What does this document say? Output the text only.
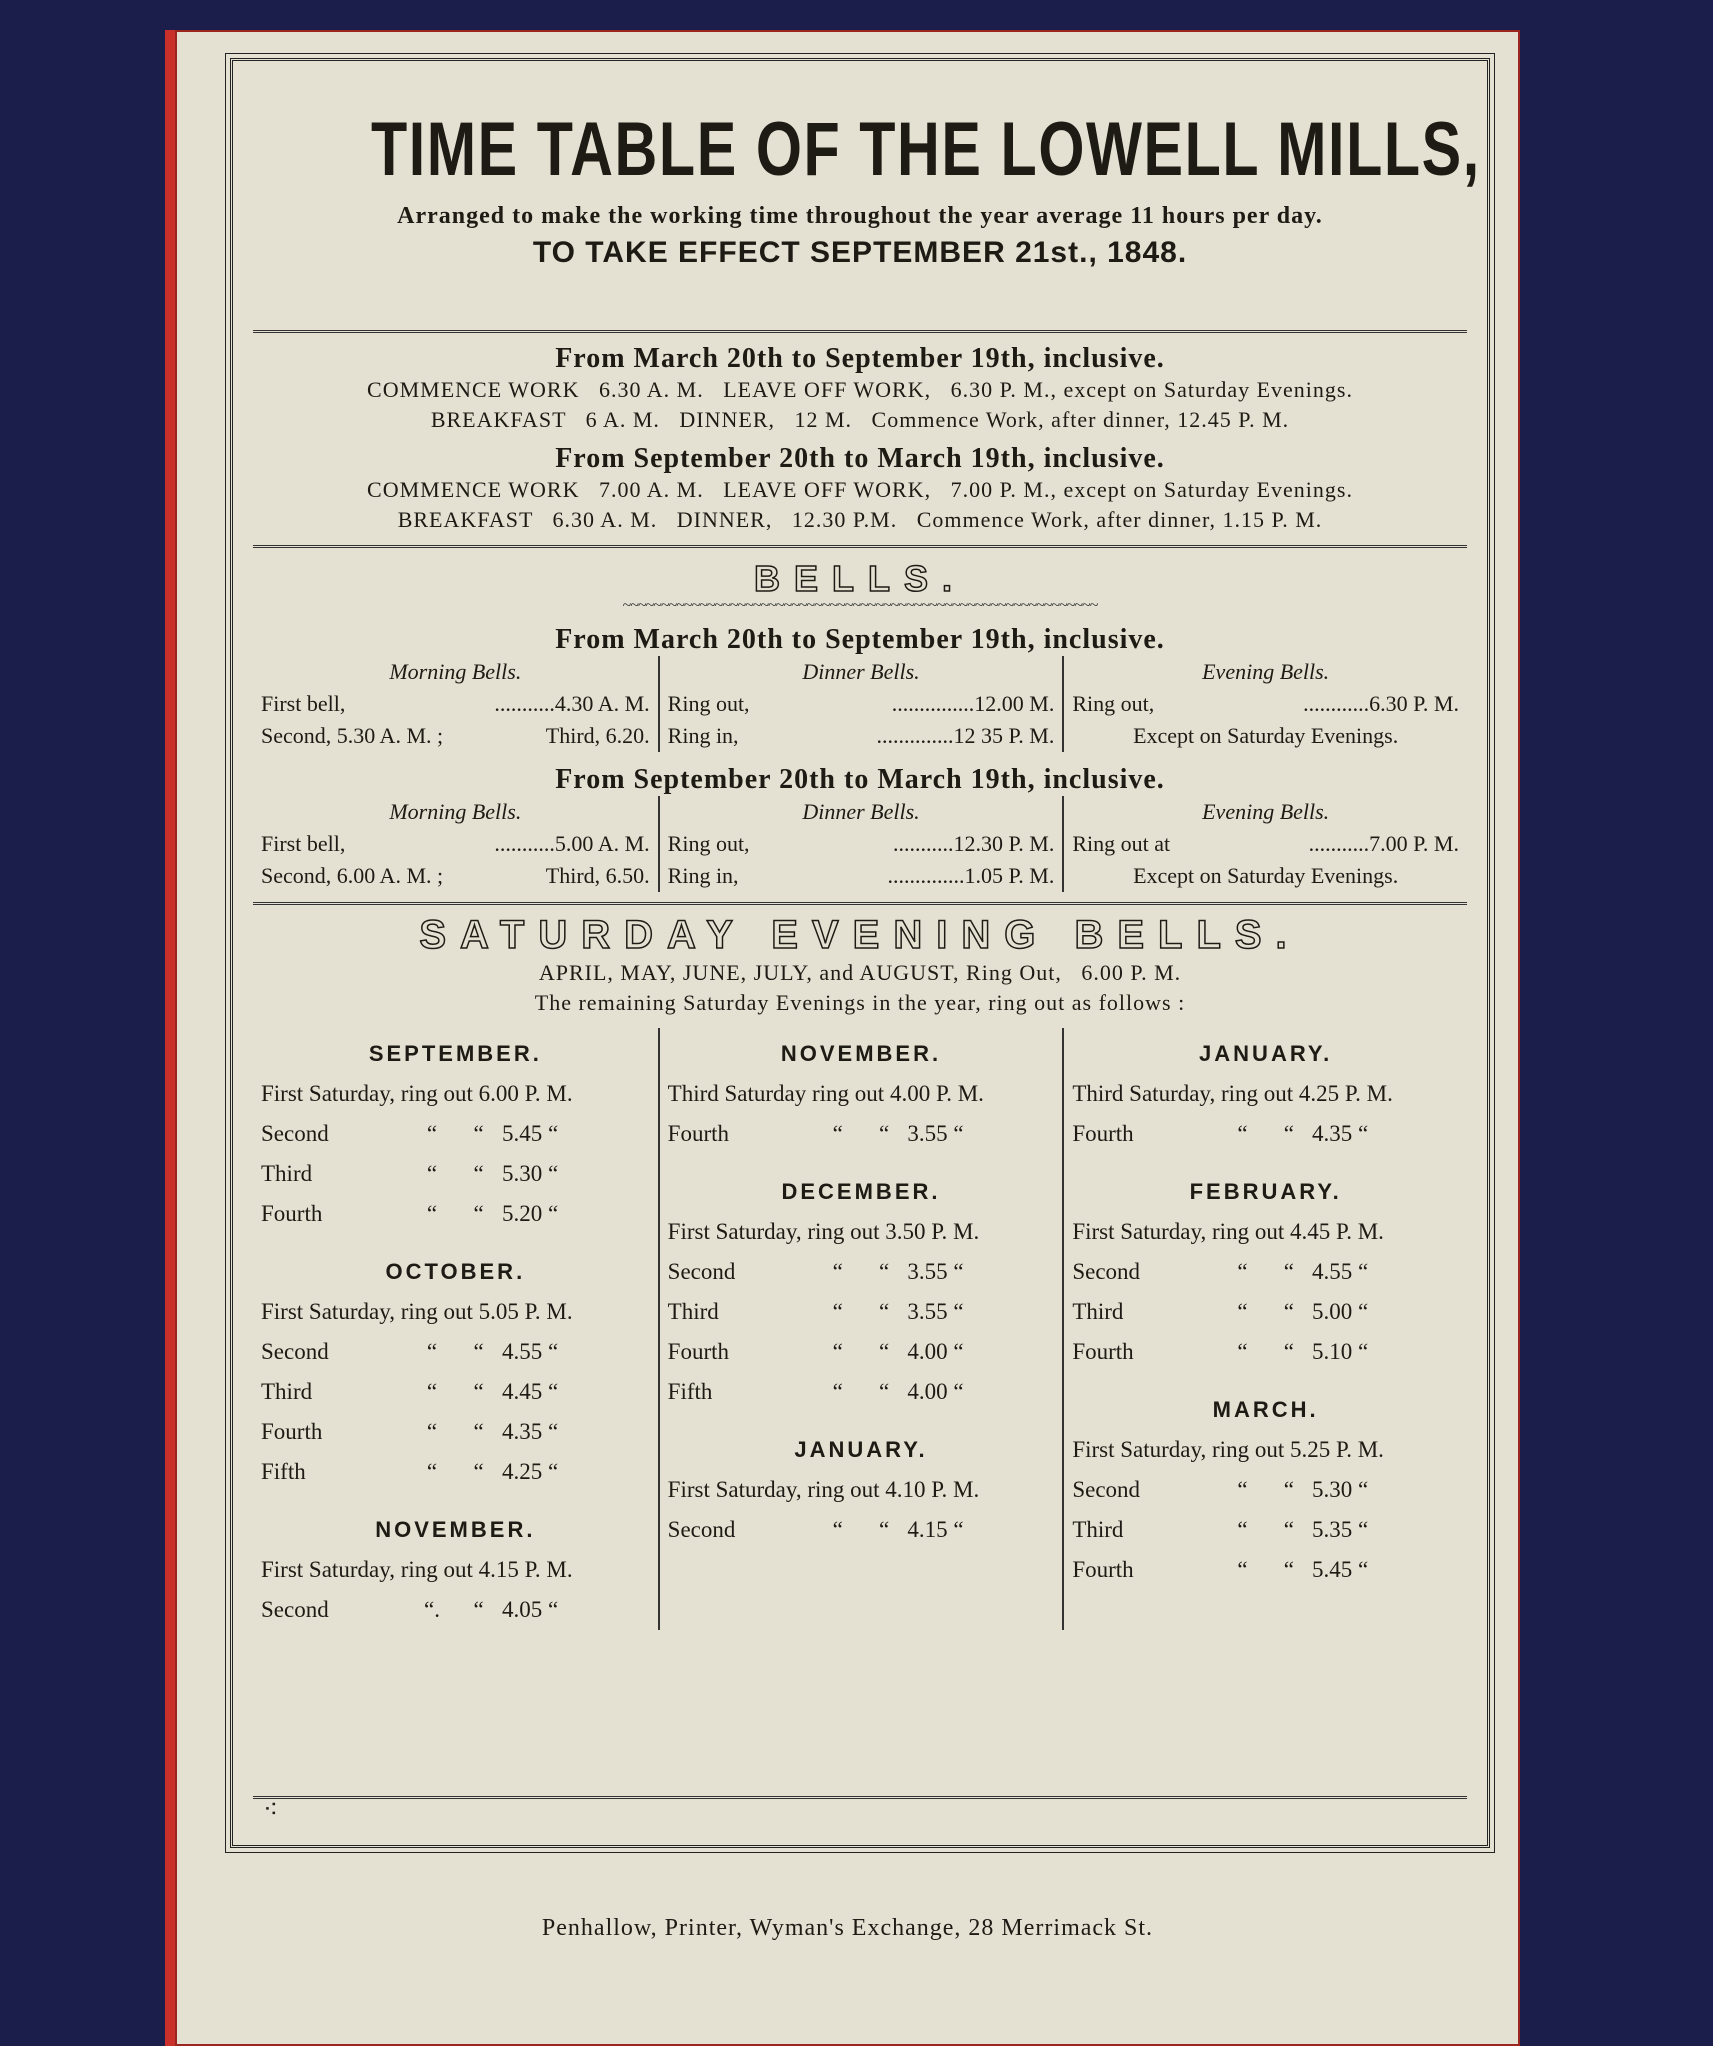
TIME TABLE OF THE LOWELL MILLS,
Arranged to make the working time throughout the year average 11 hours per day.
TO TAKE EFFECT SEPTEMBER 21st., 1848.
From March 20th to September 19th, inclusive.
COMMENCE WORK   6.30 A. M.   LEAVE OFF WORK,   6.30 P. M., except on Saturday Evenings.
BREAKFAST   6 A. M.   DINNER,   12 M.   Commence Work, after dinner, 12.45 P. M.
From September 20th to March 19th, inclusive.
COMMENCE WORK   7.00 A. M.   LEAVE OFF WORK,   7.00 P. M., except on Saturday Evenings.
BREAKFAST   6.30 A. M.   DINNER,   12.30 P.M.   Commence Work, after dinner, 1.15 P. M.
BELLS.
~~~~~~~~~~~~~~~~~~~~~~~~~~~~~~~~~~~~~~~~~~~~~~~~~~~~~~~~~~~~~~
From March 20th to September 19th, inclusive.
Morning Bells.
First bell,	...........4.30 A. M.
Second, 5.30 A. M. ;	Third, 6.20.
Dinner Bells.
Ring out,	...............12.00 M.
Ring in,	..............12 35 P. M.
Evening Bells.
Ring out,	............6.30 P. M.
Except on Saturday Evenings.
From September 20th to March 19th, inclusive.
Morning Bells.
First bell,	...........5.00 A. M.
Second, 6.00 A. M. ;	Third, 6.50.
Dinner Bells.
Ring out,	...........12.30 P. M.
Ring in,	..............1.05 P. M.
Evening Bells.
Ring out at	...........7.00 P. M.
Except on Saturday Evenings.
SATURDAY EVENING BELLS.
APRIL, MAY, JUNE, JULY, and AUGUST, Ring Out,   6.00 P. M.
The remaining Saturday Evenings in the year, ring out as follows :
SEPTEMBER.
First Saturday, ring out 6.00 P. M.
Second	“	“ 5.45 “
Third	“	“ 5.30 “
Fourth	“	“ 5.20 “
OCTOBER.
First Saturday, ring out 5.05 P. M.
Second	“	“ 4.55 “
Third	“	“ 4.45 “
Fourth	“	“ 4.35 “
Fifth	“	“ 4.25 “
NOVEMBER.
First Saturday, ring out 4.15 P. M.
Second	“.	“ 4.05 “
NOVEMBER.
Third Saturday ring out 4.00 P. M.
Fourth	“	“ 3.55 “
DECEMBER.
First Saturday, ring out 3.50 P. M.
Second	“	“ 3.55 “
Third	“	“ 3.55 “
Fourth	“	“ 4.00 “
Fifth	“	“ 4.00 “
JANUARY.
First Saturday, ring out 4.10 P. M.
Second	“	“ 4.15 “
JANUARY.
Third Saturday, ring out 4.25 P. M.
Fourth	“	“ 4.35 “
FEBRUARY.
First Saturday, ring out 4.45 P. M.
Second	“	“ 4.55 “
Third	“	“ 5.00 “
Fourth	“	“ 5.10 “
MARCH.
First Saturday, ring out 5.25 P. M.
Second	“	“ 5.30 “
Third	“	“ 5.35 “
Fourth	“	“ 5.45 “
⁖
Penhallow, Printer, Wyman's Exchange, 28 Merrimack St.
